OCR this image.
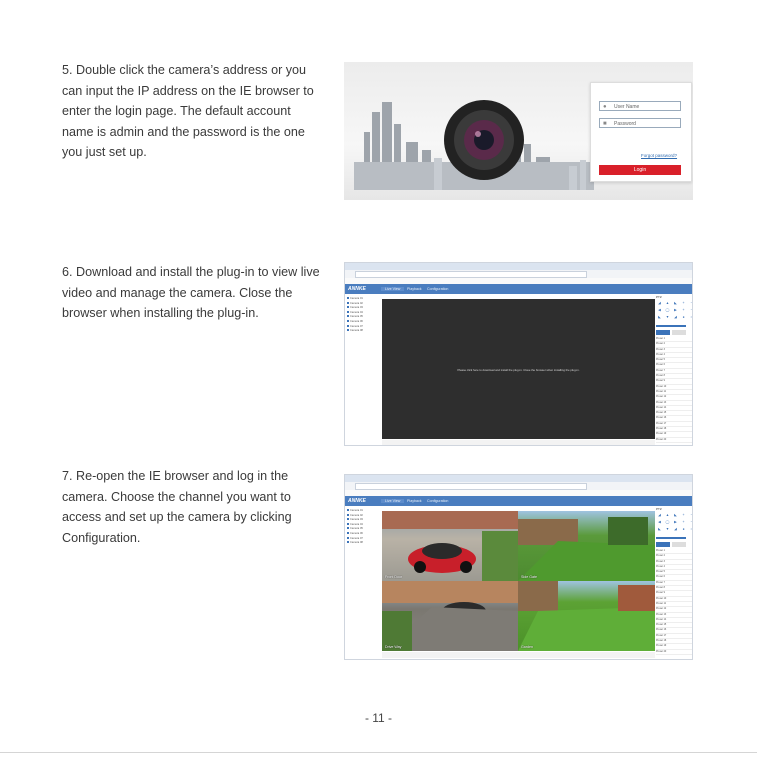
5. Double click the camera’s address or you can input the IP address on the IE browser to enter the login page. The default account name is admin and the password is the one you just set up.

● User Name
■ Password
Forgot password?
Login

6. Download and install the plug-in to view live video and manage the camera. Close the browser when installing the plug-in.

ANNKE	Live View	Playback Configuration
Camera 01
Camera 02
Camera 03
Camera 04
Camera 05
Camera 06
Camera 07
Camera 08
Please click here to download and install the plug-in. Close the browser when installing the plug-in.
PTZ
◢	▲	◣	+	−
◀	◯	▶	+	−
◣	▼	◢	●	○
Preset 1
Preset 2
Preset 3
Preset 4
Preset 5
Preset 6
Preset 7
Preset 8
Preset 9
Preset 10
Preset 11
Preset 12
Preset 13
Preset 14
Preset 15
Preset 16
Preset 17
Preset 18
Preset 19
Preset 20

7. Re-open the IE browser and log in the camera. Choose the channel you want to access and set up the camera by clicking Configuration.

ANNKE	Live View	Playback Configuration
Camera 01
Camera 02
Camera 03
Camera 04
Camera 05
Camera 06
Camera 07
Camera 08
Front Door	Side Gate
Drive Way	Garden
PTZ
◢	▲	◣	+	−
◀	◯	▶	+	−
◣	▼	◢	●	○
Preset 1
Preset 2
Preset 3
Preset 4
Preset 5
Preset 6
Preset 7
Preset 8
Preset 9
Preset 10
Preset 11
Preset 12
Preset 13
Preset 14
Preset 15
Preset 16
Preset 17
Preset 18
Preset 19
Preset 20
- 11 -
